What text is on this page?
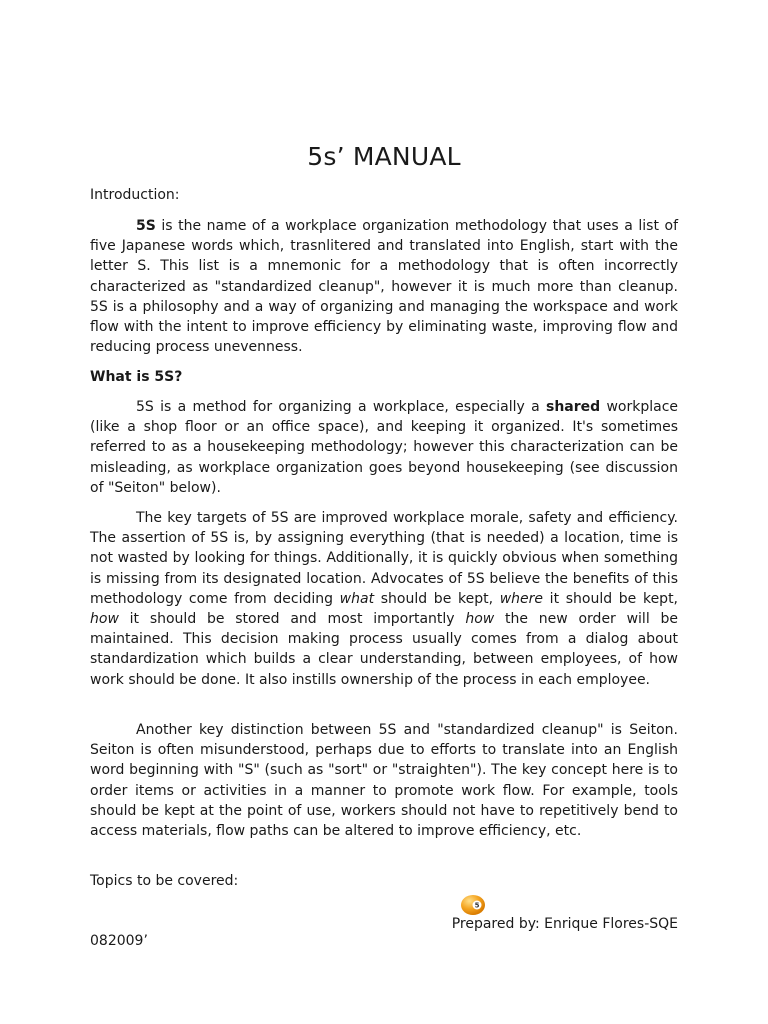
5s’ MANUAL

Introduction:

5S is the name of a workplace organization methodology that uses a list of five Japanese words which, trasnlitered and translated into English, start with the letter S. This list is a mnemonic for a methodology that is often incorrectly characterized as "standardized cleanup", however it is much more than cleanup. 5S is a philosophy and a way of organizing and managing the workspace and work flow with the intent to improve efficiency by eliminating waste, improving flow and reducing process unevenness.

What is 5S?

5S is a method for organizing a workplace, especially a shared workplace (like a shop floor or an office space), and keeping it organized. It's sometimes referred to as a housekeeping methodology; however this characterization can be misleading, as workplace organization goes beyond housekeeping (see discussion of "Seiton" below).

The key targets of 5S are improved workplace morale, safety and efficiency. The assertion of 5S is, by assigning everything (that is needed) a location, time is not wasted by looking for things. Additionally, it is quickly obvious when something is missing from its designated location. Advocates of 5S believe the benefits of this methodology come from deciding what should be kept, where it should be kept, how it should be stored and most importantly how the new order will be maintained. This decision making process usually comes from a dialog about standardization which builds a clear understanding, between employees, of how work should be done. It also instills ownership of the process in each employee.

Another key distinction between 5S and "standardized cleanup" is Seiton. Seiton is often misunderstood, perhaps due to efforts to translate into an English word beginning with "S" (such as "sort" or "straighten"). The key concept here is to order items or activities in a manner to promote work flow. For example, tools should be kept at the point of use, workers should not have to repetitively bend to access materials, flow paths can be altered to improve efficiency, etc.

Topics to be covered:

5

Prepared by: Enrique Flores-SQE

082009’
